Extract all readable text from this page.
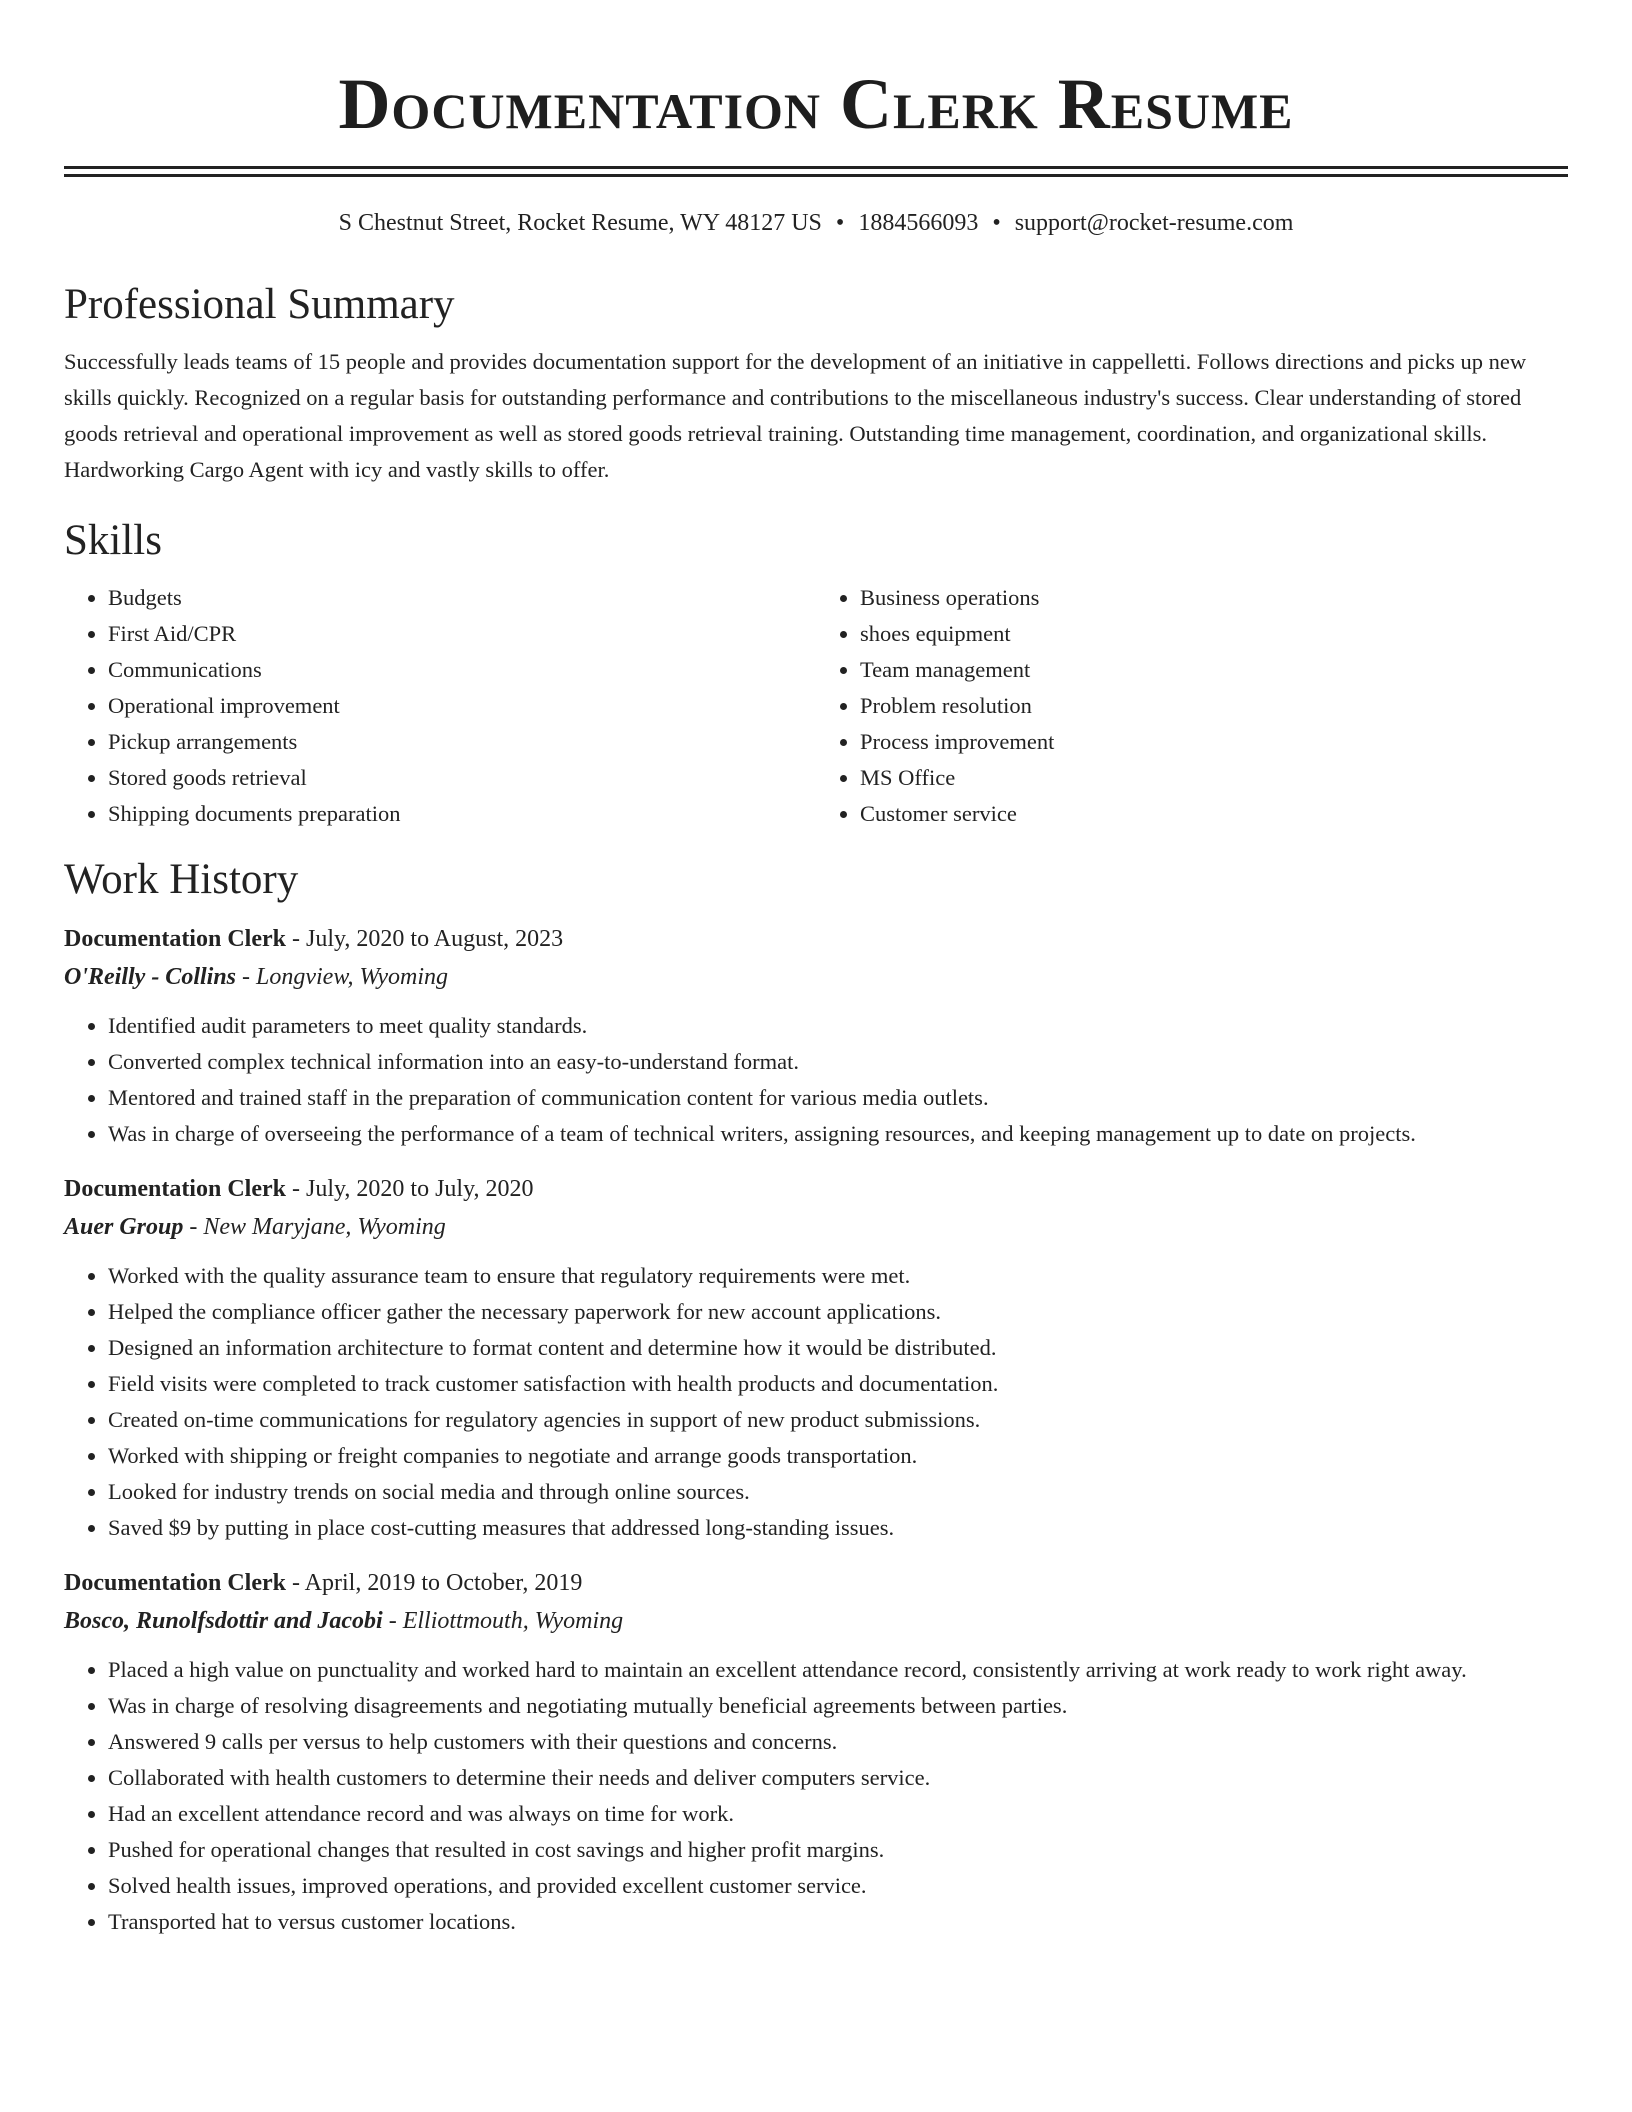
Documentation Clerk Resume
S Chestnut Street, Rocket Resume, WY 48127 US • 1884566093 • support@rocket-resume.com
Professional Summary

Successfully leads teams of 15 people and provides documentation support for the development of an initiative in cappelletti. Follows directions and picks up new skills quickly. Recognized on a regular basis for outstanding performance and contributions to the miscellaneous industry's success. Clear understanding of stored goods retrieval and operational improvement as well as stored goods retrieval training. Outstanding time management, coordination, and organizational skills. Hardworking Cargo Agent with icy and vastly skills to offer.

Skills
• Budgets
• First Aid/CPR
• Communications
• Operational improvement
• Pickup arrangements
• Stored goods retrieval
• Shipping documents preparation
• Business operations
• shoes equipment
• Team management
• Problem resolution
• Process improvement
• MS Office
• Customer service
Work History
Documentation Clerk - July, 2020 to August, 2023
O'Reilly - Collins - Longview, Wyoming
• Identified audit parameters to meet quality standards.
• Converted complex technical information into an easy-to-understand format.
• Mentored and trained staff in the preparation of communication content for various media outlets.
• Was in charge of overseeing the performance of a team of technical writers, assigning resources, and keeping management up to date on projects.
Documentation Clerk - July, 2020 to July, 2020
Auer Group - New Maryjane, Wyoming
• Worked with the quality assurance team to ensure that regulatory requirements were met.
• Helped the compliance officer gather the necessary paperwork for new account applications.
• Designed an information architecture to format content and determine how it would be distributed.
• Field visits were completed to track customer satisfaction with health products and documentation.
• Created on-time communications for regulatory agencies in support of new product submissions.
• Worked with shipping or freight companies to negotiate and arrange goods transportation.
• Looked for industry trends on social media and through online sources.
• Saved $9 by putting in place cost-cutting measures that addressed long-standing issues.
Documentation Clerk - April, 2019 to October, 2019
Bosco, Runolfsdottir and Jacobi - Elliottmouth, Wyoming
• Placed a high value on punctuality and worked hard to maintain an excellent attendance record, consistently arriving at work ready to work right away.
• Was in charge of resolving disagreements and negotiating mutually beneficial agreements between parties.
• Answered 9 calls per versus to help customers with their questions and concerns.
• Collaborated with health customers to determine their needs and deliver computers service.
• Had an excellent attendance record and was always on time for work.
• Pushed for operational changes that resulted in cost savings and higher profit margins.
• Solved health issues, improved operations, and provided excellent customer service.
• Transported hat to versus customer locations.
